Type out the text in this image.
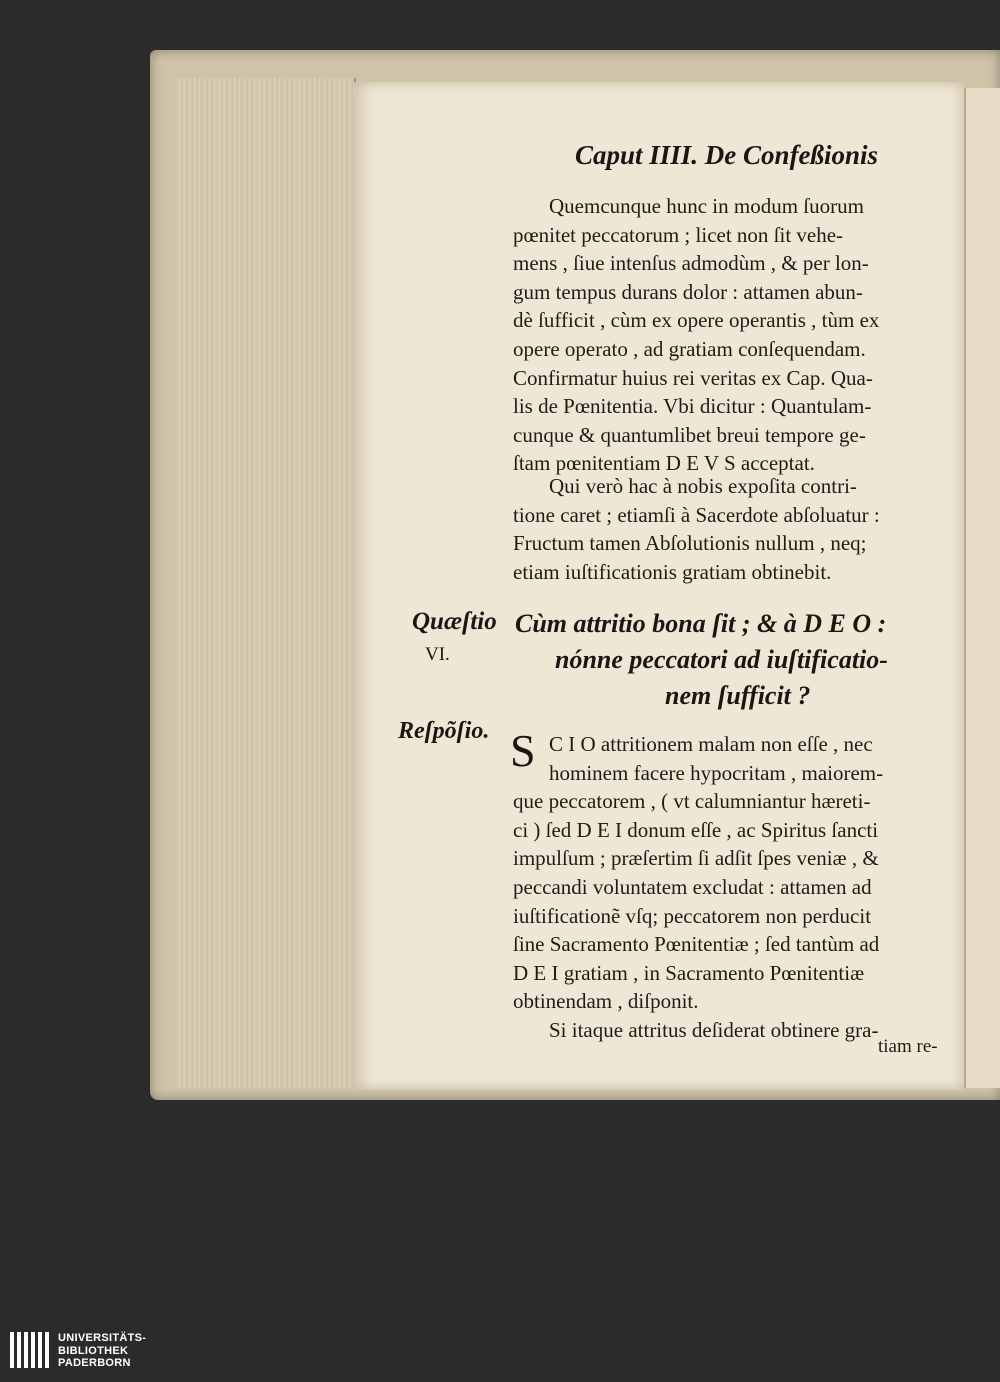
Caput IIII. De Confeßionis
Quemcunque hunc in modum ſuorum
pœnitet peccatorum ; licet non ſit vehe-
mens , ſiue intenſus admodùm , & per lon-
gum tempus durans dolor : attamen abun-
dè ſufficit , cùm ex opere operantis , tùm ex
opere operato , ad gratiam conſequendam.
Confirmatur huius rei veritas ex Cap. Qua-
lis de Pœnitentia. Vbi dicitur : Quantulam-
cunque & quantumlibet breui tempore ge-
ſtam pœnitentiam D E V S acceptat.
Qui verò hac à nobis expoſita contri-
tione caret ; etiamſi à Sacerdote abſoluatur :
Fructum tamen Abſolutionis nullum , neq;
etiam iuſtificationis gratiam obtinebit.
Quæſtio
VI.
Cùm attritio bona ſit ; & à D E O :
nónne peccatori ad iuſtificatio-
nem ſufficit ?
Reſpõſio. S C I O attritionem malam non eſſe , nec
hominem facere hypocritam , maiorem-
que peccatorem , ( vt calumniantur hæreti-
ci ) ſed D E I donum eſſe , ac Spiritus ſancti
impulſum ; præſertim ſi adſit ſpes veniæ , &
peccandi voluntatem excludat : attamen ad
iuſtificationẽ vſq; peccatorem non perducit
ſine Sacramento Pœnitentiæ ; ſed tantùm ad
D E I gratiam , in Sacramento Pœnitentiæ
obtinendam , diſponit.
Si itaque attritus deſiderat obtinere gra-
tiam re-
UNIVERSITÄTS-
BIBLIOTHEK
PADERBORN
